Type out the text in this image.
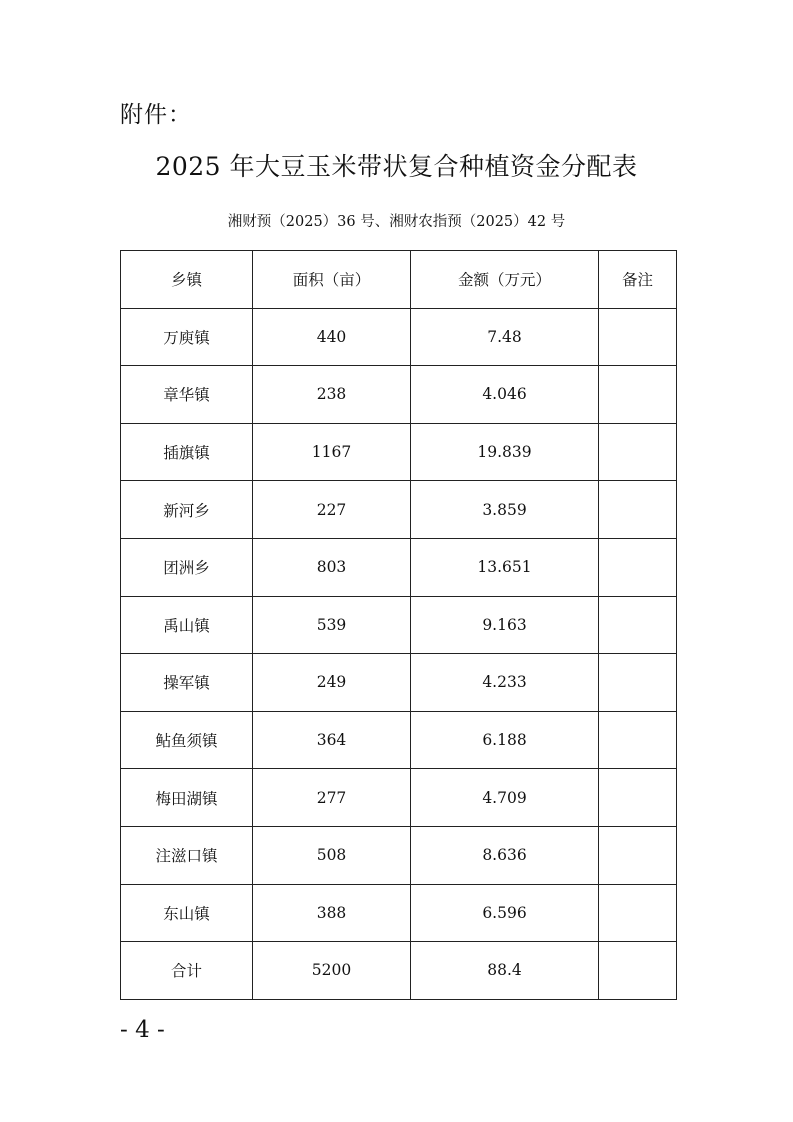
附件：
2025 年大豆玉米带状复合种植资金分配表
湘财预（2025）36 号、湘财农指预（2025）42 号
乡镇	面积（亩）	金额（万元）	备注
万庾镇	440	7.48	
章华镇	238	4.046	
插旗镇	1167	19.839	
新河乡	227	3.859	
团洲乡	803	13.651	
禹山镇	539	9.163	
操军镇	249	4.233	
鲇鱼须镇	364	6.188	
梅田湖镇	277	4.709	
注滋口镇	508	8.636	
东山镇	388	6.596	
合计	5200	88.4	
- 4 -
